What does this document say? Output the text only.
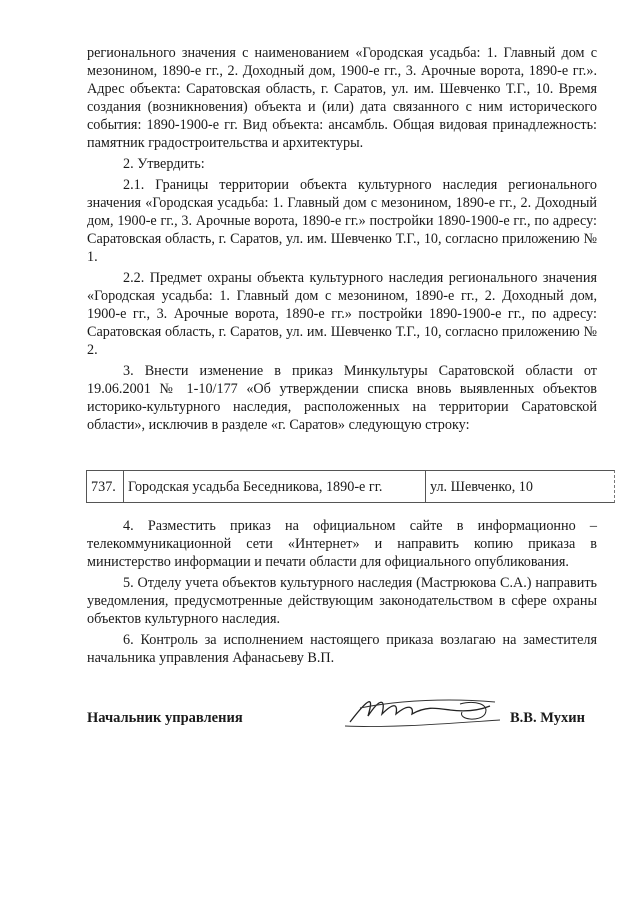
регионального значения с наименованием «Городская усадьба: 1. Главный дом с мезонином, 1890-е гг., 2. Доходный дом, 1900-е гг., 3. Арочные ворота, 1890-е гг.». Адрес объекта: Саратовская область, г. Саратов, ул. им. Шевченко Т.Г., 10. Время создания (возникновения) объекта и (или) дата связанного с ним исторического события: 1890-1900-е гг. Вид объекта: ансамбль. Общая видовая принадлежность: памятник градостроительства и архитектуры.

2. Утвердить:

2.1. Границы территории объекта культурного наследия регионального значения «Городская усадьба: 1. Главный дом с мезонином, 1890-е гг., 2. Доходный дом, 1900-е гг., 3. Арочные ворота, 1890-е гг.» постройки 1890-1900-е гг., по адресу: Саратовская область, г. Саратов, ул. им. Шевченко Т.Г., 10, согласно приложению № 1.

2.2. Предмет охраны объекта культурного наследия регионального значения «Городская усадьба: 1. Главный дом с мезонином, 1890-е гг., 2. Доходный дом, 1900-е гг., 3. Арочные ворота, 1890-е гг.» постройки 1890-1900-е гг., по адресу: Саратовская область, г. Саратов, ул. им. Шевченко Т.Г., 10, согласно приложению № 2.

3. Внести изменение в приказ Минкультуры Саратовской области от 19.06.2001 № 1-10/177 «Об утверждении списка вновь выявленных объектов историко-культурного наследия, расположенных на территории Саратовской области», исключив в разделе «г. Саратов» следующую строку:

737. Городская усадьба Беседникова, 1890-е гг.	ул. Шевченко, 10

4. Разместить приказ на официальном сайте в информационно – телекоммуникационной сети «Интернет» и направить копию приказа в министерство информации и печати области для официального опубликования.

5. Отделу учета объектов культурного наследия (Мастрюкова С.А.) направить уведомления, предусмотренные действующим законодательством в сфере охраны объектов культурного наследия.

6. Контроль за исполнением настоящего приказа возлагаю на заместителя начальника управления Афанасьеву В.П.

Начальник управления	В.В. Мухин
